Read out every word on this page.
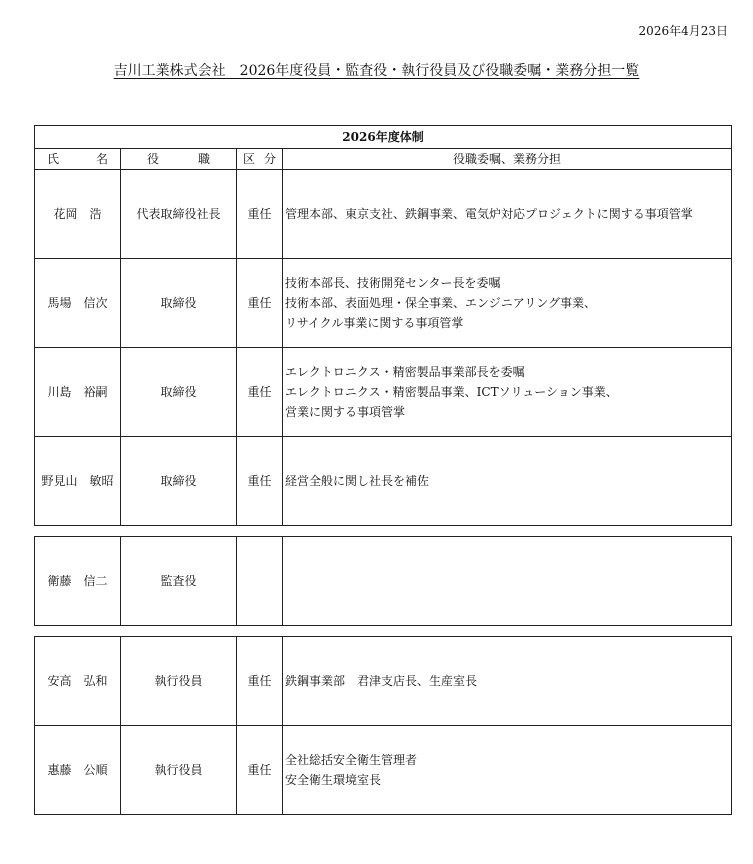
2026年4月23日
吉川工業株式会社　2026年度役員・監査役・執行役員及び役職委嘱・業務分担一覧
2026年度体制			

氏 名	役 職	区 分	役職委嘱、業務分担
花岡　浩	代表取締役社長	重任	管理本部、東京支社、鉄鋼事業、電気炉対応プロジェクトに関する事項管掌

馬場　信次	取締役	重任	技術本部長、技術開発センター長を委嘱
技術本部、表面処理・保全事業、エンジニアリング事業、
リサイクル事業に関する事項管掌

川島　裕嗣	取締役	重任	エレクトロニクス・精密製品事業部長を委嘱
エレクトロニクス・精密製品事業、ICTソリューション事業、
営業に関する事項管掌

野見山　敏昭	取締役	重任	経営全般に関し社長を補佐
衛藤　信二	監査役		
安高　弘和	執行役員	重任	鉄鋼事業部　君津支店長、生産室長

惠藤　公順	執行役員	重任	全社総括安全衛生管理者
安全衛生環境室長
